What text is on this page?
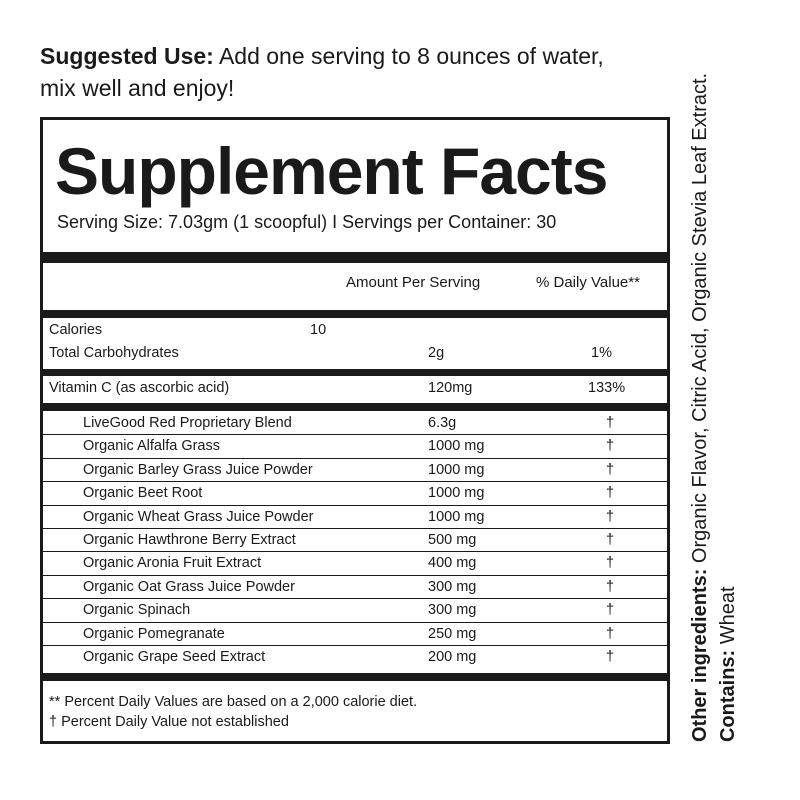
Suggested Use: Add one serving to 8 ounces of water, mix well and enjoy!
Supplement Facts
Serving Size: 7.03gm (1 scoopful) I Servings per Container: 30
Amount Per Serving	% Daily Value**
Calories	10
Total Carbohydrates	2g	1%
Vitamin C (as ascorbic acid)	120mg	133%
LiveGood Red Proprietary Blend	6.3g	†
Organic Alfalfa Grass	1000 mg	†
Organic Barley Grass Juice Powder	1000 mg	†
Organic Beet Root	1000 mg	†
Organic Wheat Grass Juice Powder	1000 mg	†
Organic Hawthrone Berry Extract	500 mg	†
Organic Aronia Fruit Extract	400 mg	†
Organic Oat Grass Juice Powder	300 mg	†
Organic Spinach	300 mg	†
Organic Pomegranate	250 mg	†
Organic Grape Seed Extract	200 mg	†
** Percent Daily Values are based on a 2,000 calorie diet.
† Percent Daily Value not established	Other ingredients: Organic Flavor, Citric Acid, Organic Stevia Leaf Extract.
Contains: Wheat
